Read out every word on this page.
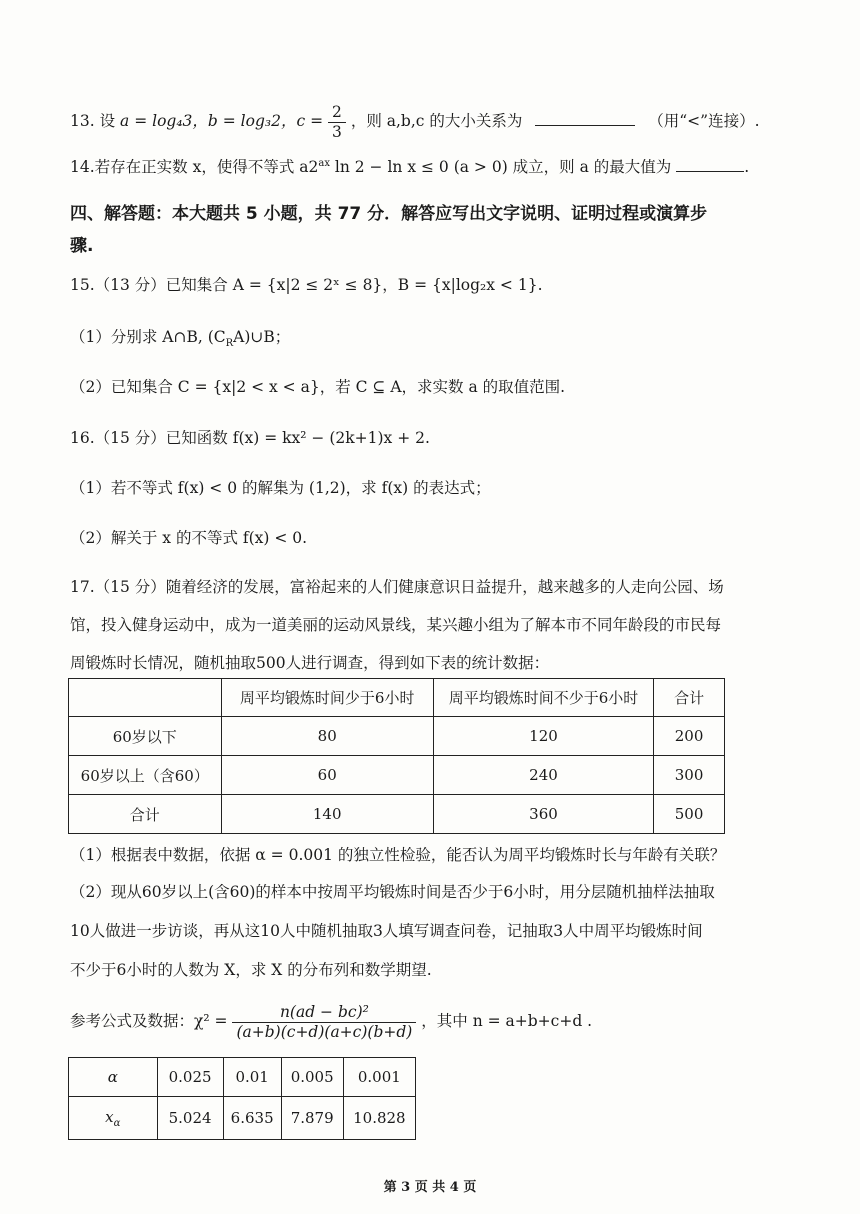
13. 设 a = log₄3，b = log₃2，$c = \frac{2}{3}$ ，则 a,b,c 的大小关系为	（用“<”连接）.
14.若存在正实数 x，使得不等式 $a2^{ax}$ ln 2 − ln x ≤ 0 (a > 0) 成立，则 a 的最大值为	.
四、解答题：本大题共 5 小题，共 77 分．解答应写出文字说明、证明过程或演算步
骤.
15.（13 分）已知集合 A = {x|2 ≤ 2ˣ ≤ 8}，B = {x|log₂x < 1}.
（1）分别求 A∩B, $(C_RA)\cup B$；
（2）已知集合 C = {x|2 < x < a}，若 C ⊆ A，求实数 a 的取值范围.
16.（15 分）已知函数 f(x) = kx² − (2k+1)x + 2.
（1）若不等式 f(x) < 0 的解集为 (1,2)，求 f(x) 的表达式；
（2）解关于 x 的不等式 f(x) < 0.
17.（15 分）随着经济的发展，富裕起来的人们健康意识日益提升，越来越多的人走向公园、场
馆，投入健身运动中，成为一道美丽的运动风景线，某兴趣小组为了解本市不同年龄段的市民每
周锻炼时长情况，随机抽取500人进行调查，得到如下表的统计数据：
	周平均锻炼时间少于6小时	周平均锻炼时间不少于6小时	合计
60岁以下	80	120	200
60岁以上（含60）	60	240	300
合计	140	360	500
（1）根据表中数据，依据 α = 0.001 的独立性检验，能否认为周平均锻炼时长与年龄有关联？
（2）现从60岁以上(含60)的样本中按周平均锻炼时间是否少于6小时，用分层随机抽样法抽取
10人做进一步访谈，再从这10人中随机抽取3人填写调查问卷，记抽取3人中周平均锻炼时间
不少于6小时的人数为 X，求 X 的分布列和数学期望.
参考公式及数据：$\chi^2 = \frac{\text{n(ad − bc)²}}{(a+b)(c+d)(a+c)(b+d)}$ ，其中 n = a+b+c+d .
α	0.025	0.01	0.005	0.001
$x_\alpha$	5.024	6.635	7.879	10.828
第 3 页 共 4 页
